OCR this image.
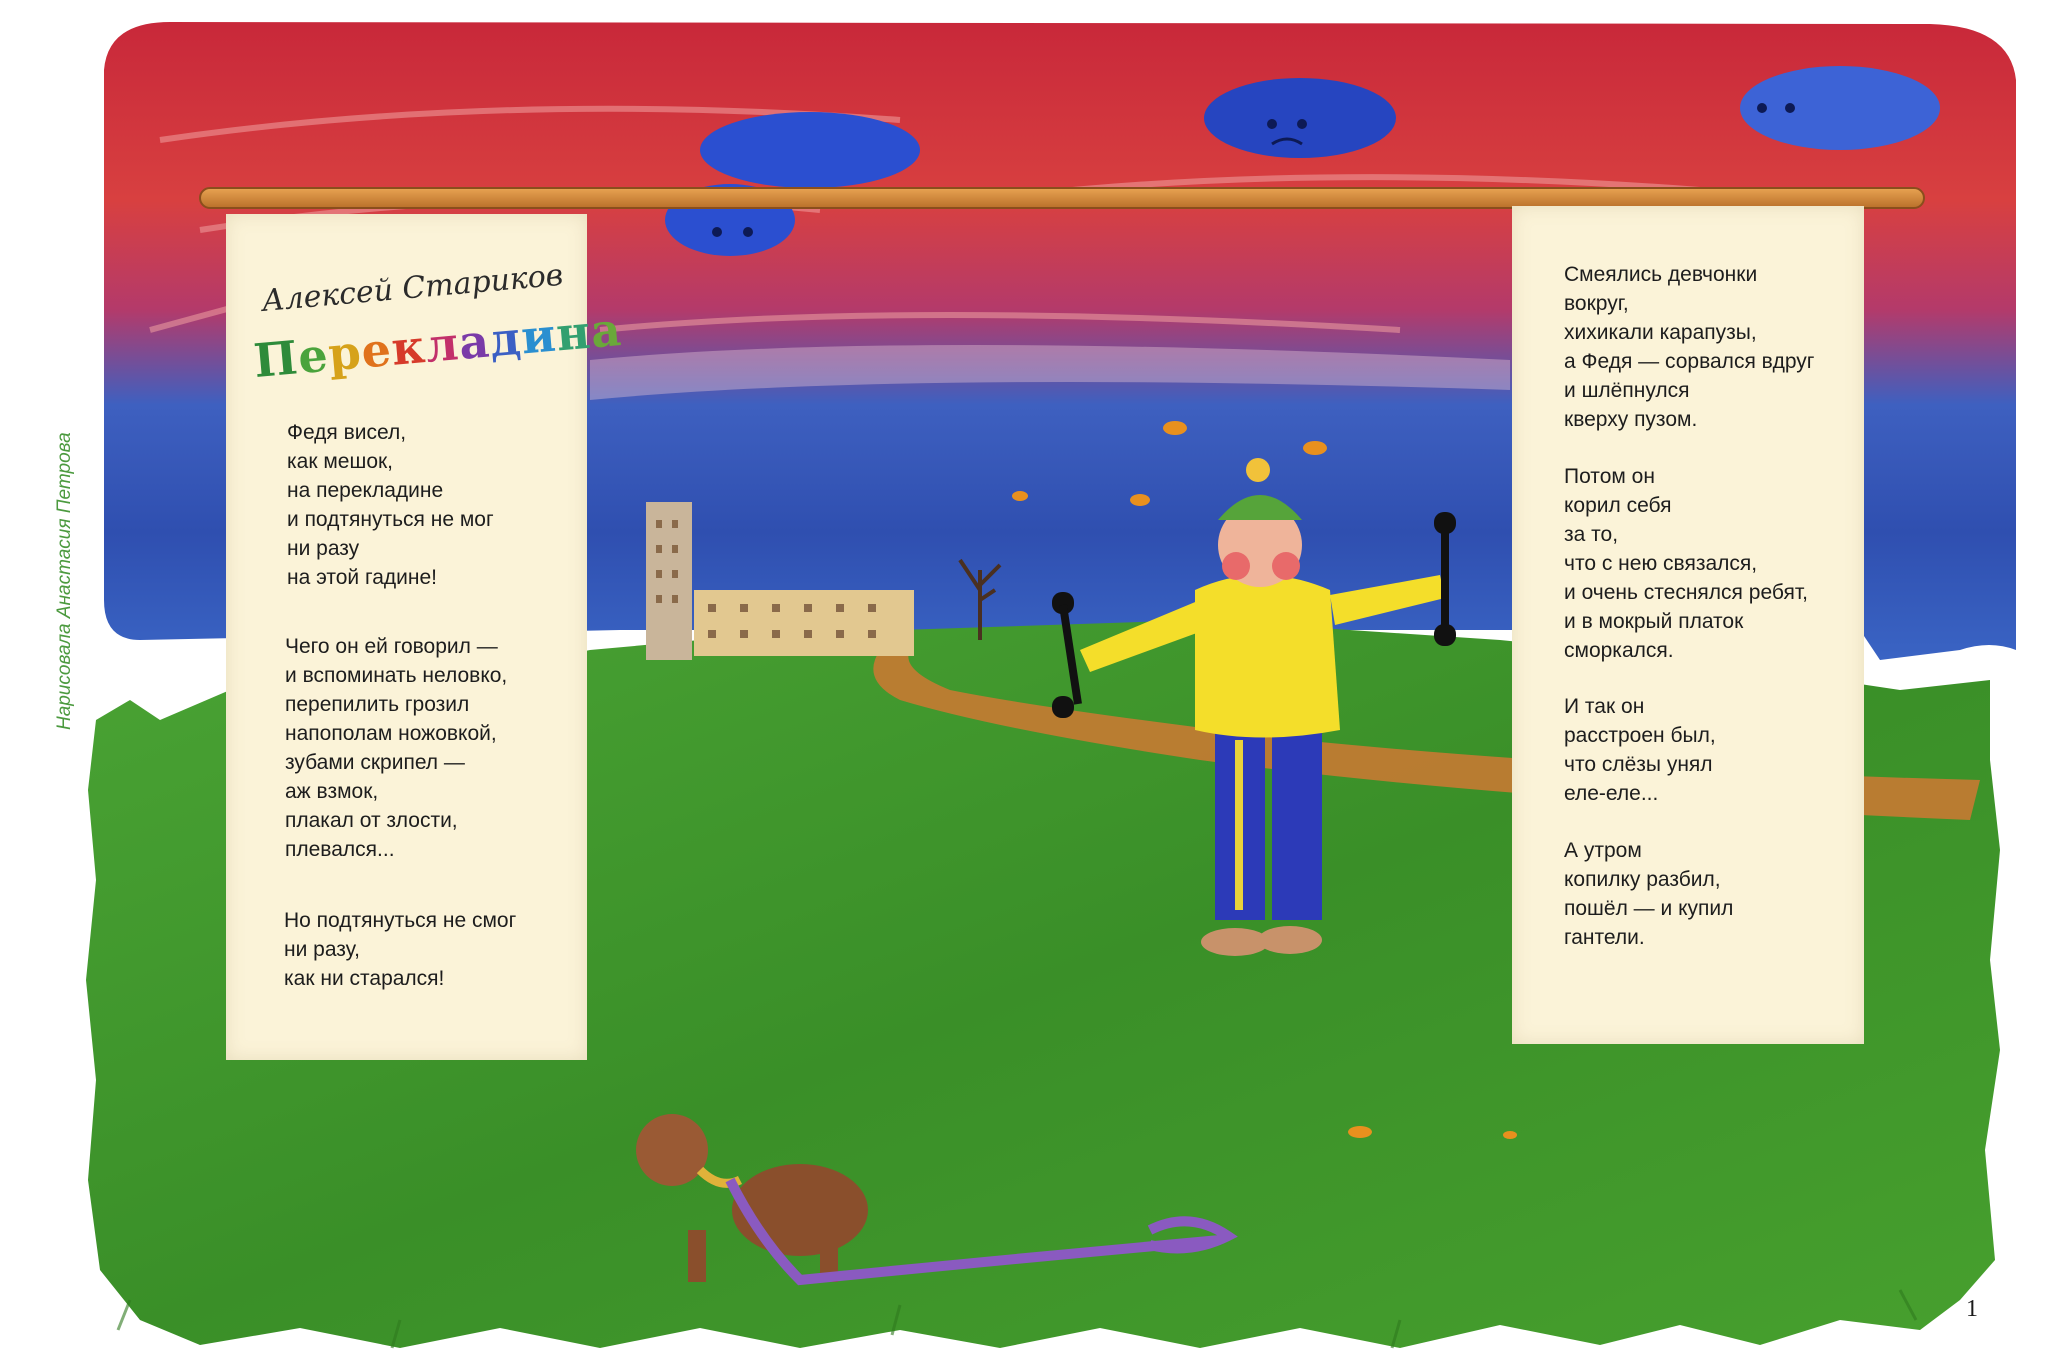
Алексей Стариков
Перекладина
Федя висел,
как мешок,
на перекладине
и подтянуться не мог
ни разу
на этой гадине!
Чего он ей говорил —
и вспоминать неловко,
перепилить грозил
напополам ножовкой,
зубами скрипел —
аж взмок,
плакал от злости,
плевался...
Но подтянуться не смог
ни разу,
как ни старался!
Смеялись девчонки
вокруг,
хихикали карапузы,
а Федя — сорвался вдруг
и шлёпнулся
кверху пузом.
Потом он
корил себя
за то,
что с нею связался,
и очень стеснялся ребят,
и в мокрый платок
сморкался.
И так он
расстроен был,
что слёзы унял
еле-еле...
А утром
копилку разбил,
пошёл — и купил
гантели.
Нарисовала Анастасия Петрова
1
